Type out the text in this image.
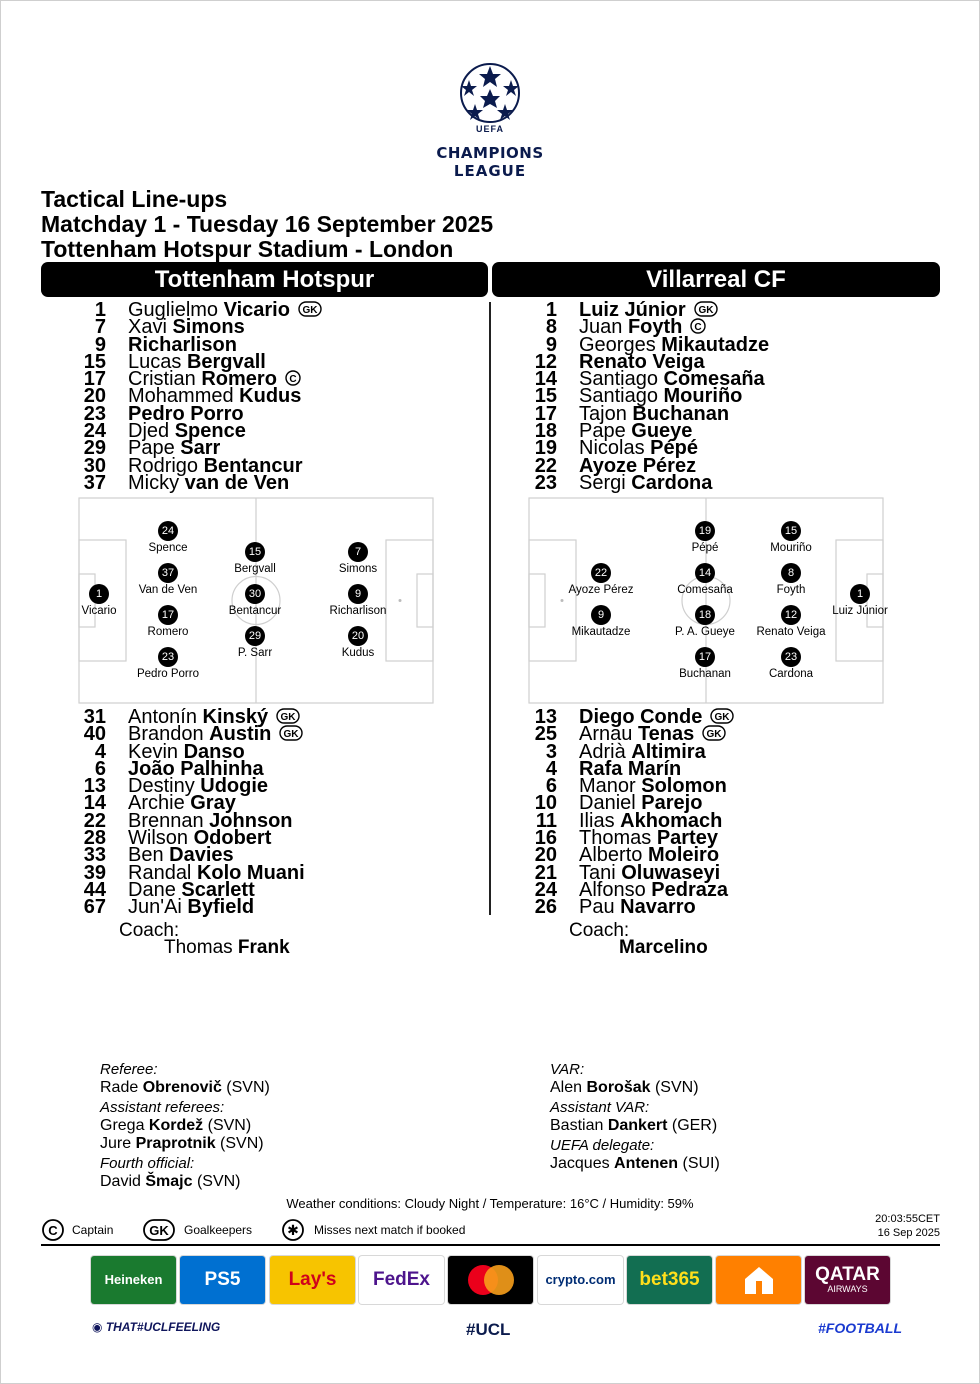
UEFA
CHAMPIONS
LEAGUE
Tactical Line-ups
Matchday 1 - Tuesday 16 September 2025
Tottenham Hotspur Stadium - London
Tottenham Hotspur	Villarreal CF
1 Guglielmo Vicario GK
7 Xavi Simons
9 Richarlison
15 Lucas Bergvall
17 Cristian Romero C
20 Mohammed Kudus
23 Pedro Porro
24 Djed Spence
29 Pape Sarr
30 Rodrigo Bentancur
37 Micky van de Ven
1 Luiz Júnior GK
8 Juan Foyth C
9 Georges Mikautadze
12 Renato Veiga
14 Santiago Comesaña
15 Santiago Mouriño
17 Tajon Buchanan
18 Pape Gueye
19 Nicolas Pépé
22 Ayoze Pérez
23 Sergi Cardona
24
Spence
37
Van de Ven
17
Romero
23
Pedro Porro
1
Vicario
15
Bergvall
30
Bentancur
29
P. Sarr
7
Simons
9
Richarlison
20
Kudus
22
Ayoze Pérez
9
Mikautadze
19
Pépé
14
Comesaña
18
P. A. Gueye
17
Buchanan
15
Mouriño
8
Foyth
12
Renato Veiga
23
Cardona
1
Luiz Júnior
31 Antonín Kinský GK
40 Brandon Austin GK
4 Kevin Danso
6 João Palhinha
13 Destiny Udogie
14 Archie Gray
22 Brennan Johnson
28 Wilson Odobert
33 Ben Davies
39 Randal Kolo Muani
44 Dane Scarlett
67 Jun'Ai Byfield
13 Diego Conde GK
25 Arnau Tenas GK
3 Adrià Altimira
4 Rafa Marín
6 Manor Solomon
10 Daniel Parejo
11 Ilias Akhomach
16 Thomas Partey
20 Alberto Moleiro
21 Tani Oluwaseyi
24 Alfonso Pedraza
26 Pau Navarro
Coach:
Thomas Frank
Coach:
Marcelino
Referee:
Rade Obrenovič (SVN)
Assistant referees:
Grega Kordež (SVN)
Jure Praprotnik (SVN)
Fourth official:
David Šmajc (SVN)
VAR:
Alen Borošak (SVN)
Assistant VAR:
Bastian Dankert (GER)
UEFA delegate:
Jacques Antenen (SUI)
Weather conditions: Cloudy Night / Temperature: 16°C / Humidity: 59%
C Captain	GK Goalkeepers	✱ Misses next match if booked
20:03:55CET
16 Sep 2025
Heineken PS5	Lay's FedEx	crypto.com bet365	QATAR
AIRWAYS
◉ THAT#UCLFEELING	#UCL	#FOOTBALL
